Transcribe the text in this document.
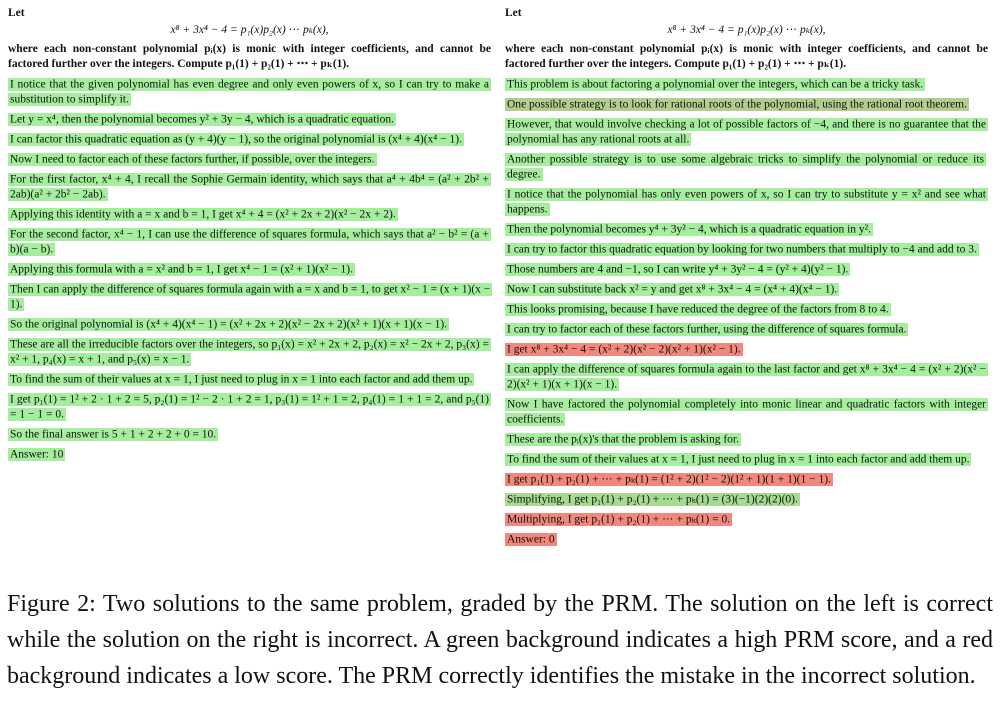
Let
x⁸ + 3x⁴ − 4 = p₁(x)p₂(x) ⋯ pₖ(x),
where each non-constant polynomial pᵢ(x) is monic with integer coefficients, and cannot be factored further over the integers. Compute p₁(1) + p₂(1) + ⋯ + pₖ(1).
I notice that the given polynomial has even degree and only even powers of x, so I can try to make a substitution to simplify it.
Let y = x⁴, then the polynomial becomes y² + 3y − 4, which is a quadratic equation.
I can factor this quadratic equation as (y + 4)(y − 1), so the original polynomial is (x⁴ + 4)(x⁴ − 1).
Now I need to factor each of these factors further, if possible, over the integers.
For the first factor, x⁴ + 4, I recall the Sophie Germain identity, which says that a⁴ + 4b⁴ = (a² + 2b² + 2ab)(a² + 2b² − 2ab).
Applying this identity with a = x and b = 1, I get x⁴ + 4 = (x² + 2x + 2)(x² − 2x + 2).
For the second factor, x⁴ − 1, I can use the difference of squares formula, which says that a² − b² = (a + b)(a − b).
Applying this formula with a = x² and b = 1, I get x⁴ − 1 = (x² + 1)(x² − 1).
Then I can apply the difference of squares formula again with a = x and b = 1, to get x² − 1 = (x + 1)(x − 1).
So the original polynomial is (x⁴ + 4)(x⁴ − 1) = (x² + 2x + 2)(x² − 2x + 2)(x² + 1)(x + 1)(x − 1).
These are all the irreducible factors over the integers, so p₁(x) = x² + 2x + 2, p₂(x) = x² − 2x + 2, p₃(x) = x² + 1, p₄(x) = x + 1, and p₅(x) = x − 1.
To find the sum of their values at x = 1, I just need to plug in x = 1 into each factor and add them up.
I get p₁(1) = 1² + 2 · 1 + 2 = 5, p₂(1) = 1² − 2 · 1 + 2 = 1, p₃(1) = 1² + 1 = 2, p₄(1) = 1 + 1 = 2, and p₅(1) = 1 − 1 = 0.
So the final answer is 5 + 1 + 2 + 2 + 0 = 10.
Answer: 10
Let
x⁸ + 3x⁴ − 4 = p₁(x)p₂(x) ⋯ pₖ(x),
where each non-constant polynomial pᵢ(x) is monic with integer coefficients, and cannot be factored further over the integers. Compute p₁(1) + p₂(1) + ⋯ + pₖ(1).
This problem is about factoring a polynomial over the integers, which can be a tricky task.
One possible strategy is to look for rational roots of the polynomial, using the rational root theorem.
However, that would involve checking a lot of possible factors of −4, and there is no guarantee that the polynomial has any rational roots at all.
Another possible strategy is to use some algebraic tricks to simplify the polynomial or reduce its degree.
I notice that the polynomial has only even powers of x, so I can try to substitute y = x² and see what happens.
Then the polynomial becomes y⁴ + 3y² − 4, which is a quadratic equation in y².
I can try to factor this quadratic equation by looking for two numbers that multiply to −4 and add to 3.
Those numbers are 4 and −1, so I can write y⁴ + 3y² − 4 = (y² + 4)(y² − 1).
Now I can substitute back x² = y and get x⁸ + 3x⁴ − 4 = (x⁴ + 4)(x⁴ − 1).
This looks promising, because I have reduced the degree of the factors from 8 to 4.
I can try to factor each of these factors further, using the difference of squares formula.
I get x⁸ + 3x⁴ − 4 = (x² + 2)(x² − 2)(x² + 1)(x² − 1).
I can apply the difference of squares formula again to the last factor and get x⁸ + 3x⁴ − 4 = (x² + 2)(x² − 2)(x² + 1)(x + 1)(x − 1).
Now I have factored the polynomial completely into monic linear and quadratic factors with integer coefficients.
These are the pᵢ(x)'s that the problem is asking for.
To find the sum of their values at x = 1, I just need to plug in x = 1 into each factor and add them up.
I get p₁(1) + p₂(1) + ⋯ + pₖ(1) = (1² + 2)(1² − 2)(1² + 1)(1 + 1)(1 − 1).
Simplifying, I get p₁(1) + p₂(1) + ⋯ + pₖ(1) = (3)(−1)(2)(2)(0).
Multiplying, I get p₁(1) + p₂(1) + ⋯ + pₖ(1) = 0.
Answer: 0
Figure 2: Two solutions to the same problem, graded by the PRM. The solution on the left is correct while the solution on the right is incorrect. A green background indicates a high PRM score, and a red background indicates a low score. The PRM correctly identifies the mistake in the incorrect solution.
